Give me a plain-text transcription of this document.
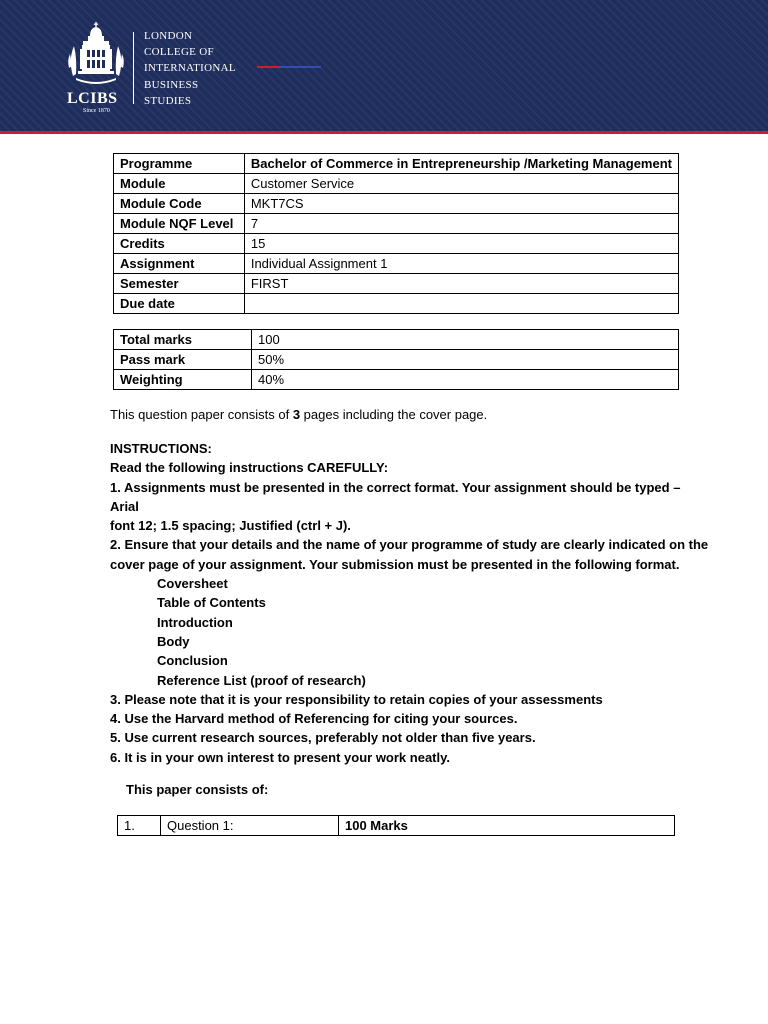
LCIBS
Since 1870
LONDON
COLLEGE OF
INTERNATIONAL
BUSINESS
STUDIES
Programme	Bachelor of Commerce in Entrepreneurship /Marketing Management
Module	Customer Service
Module Code	MKT7CS
Module NQF Level	7
Credits	15
Assignment	Individual Assignment 1
Semester	FIRST
Due date	
Total marks	100
Pass mark	50%
Weighting	40%
This question paper consists of 3 pages including the cover page.
INSTRUCTIONS:
Read the following instructions CAREFULLY:
1. Assignments must be presented in the correct format. Your assignment should be typed – Arial
font 12; 1.5 spacing; Justified (ctrl + J).
2. Ensure that your details and the name of your programme of study are clearly indicated on the
cover page of your assignment. Your submission must be presented in the following format.
Coversheet
Table of Contents
Introduction
Body
Conclusion
Reference List (proof of research)
3. Please note that it is your responsibility to retain copies of your assessments
4. Use the Harvard method of Referencing for citing your sources.
5. Use current research sources, preferably not older than five years.
6. It is in your own interest to present your work neatly.
This paper consists of:
1.	Question 1:	100 Marks
